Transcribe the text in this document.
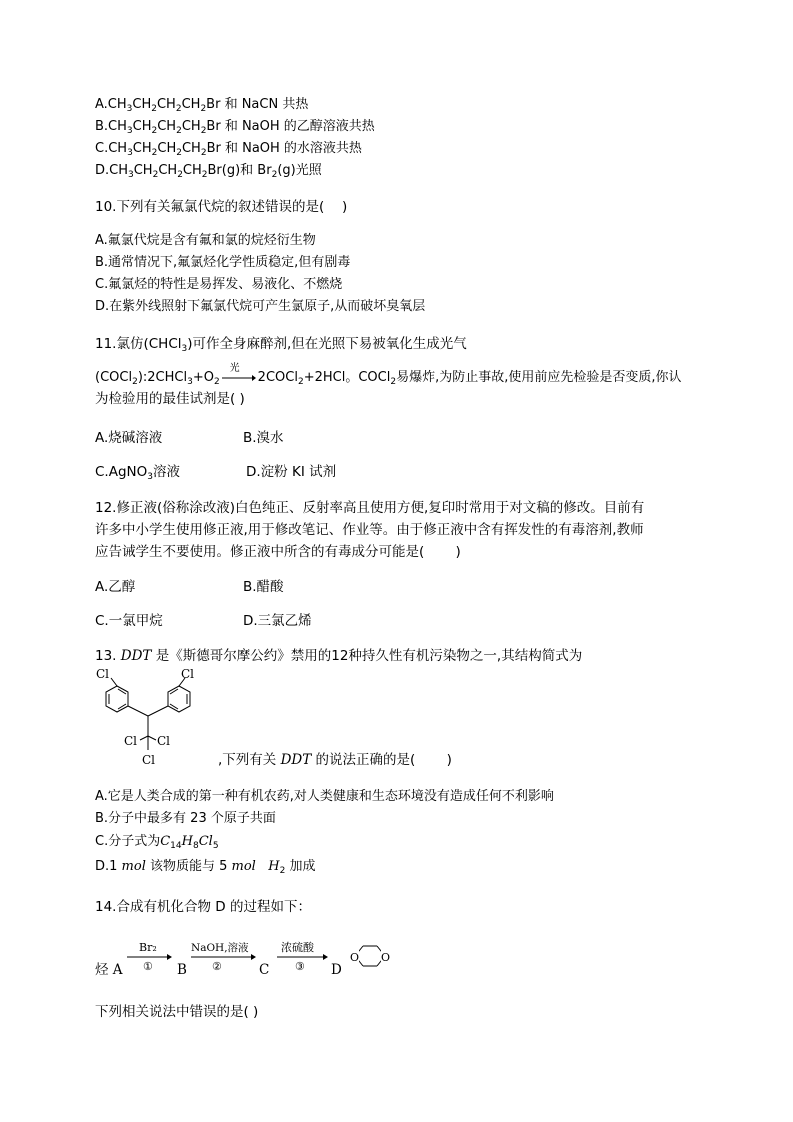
$A.CH_3CH_2CH_2CH_2Br$ 和 NaCN 共热
$B.CH_3CH_2CH_2CH_2Br$ 和 NaOH 的乙醇溶液共热
$C.CH_3CH_2CH_2CH_2Br$ 和 NaOH 的水溶液共热
$D.CH_3CH_2CH_2CH_2Br(g)$和 $Br_2(g)$光照
10.下列有关氟氯代烷的叙述错误的是(　 )
A.氟氯代烷是含有氟和氯的烷烃衍生物
B.通常情况下,氟氯烃化学性质稳定,但有剧毒
C.氟氯烃的特性是易挥发、易液化、不燃烧
D.在紫外线照射下氟氯代烷可产生氯原子,从而破坏臭氧层
11.氯仿(CHCl$_3$)可作全身麻醉剂,但在光照下易被氧化生成光气
$(COCl_2):2CHCl_3+O_2$
光
2COCl$_2$+2HCl。COCl$_2$易爆炸,为防止事故,使用前应先检验是否变质,你认
为检验用的最佳试剂是( )
A.烧碱溶液	B.溴水
C.AgNO$_3$溶液	D.淀粉 KI 试剂
12.修正液(俗称涂改液)白色纯正、反射率高且使用方便,复印时常用于对文稿的修改。目前有
许多中小学生使用修正液,用于修改笔记、作业等。由于修正液中含有挥发性的有毒溶剂,教师
应告诫学生不要使用。修正液中所含的有毒成分可能是(　　 )
A.乙醇	B.醋酸
C.一氯甲烷	D.三氯乙烯
13. DDT 是《斯德哥尔摩公约》禁用的12种持久性有机污染物之一,其结构简式为
Cl	Cl
Cl Cl
Cl	,下列有关 DDT 的说法正确的是(　　 )
A.它是人类合成的第一种有机农药,对人类健康和生态环境没有造成任何不利影响
B.分子中最多有 23 个原子共面
C.分子式为$C_{14}H_8Cl_5$
D.1 mol 该物质能与 5 mol $H_2$ 加成
14.合成有机化合物 D 的过程如下：
烃 A
Br₂
① B
NaOH,溶液
②	C
浓硫酸
③ D
O O
下列相关说法中错误的是( )
